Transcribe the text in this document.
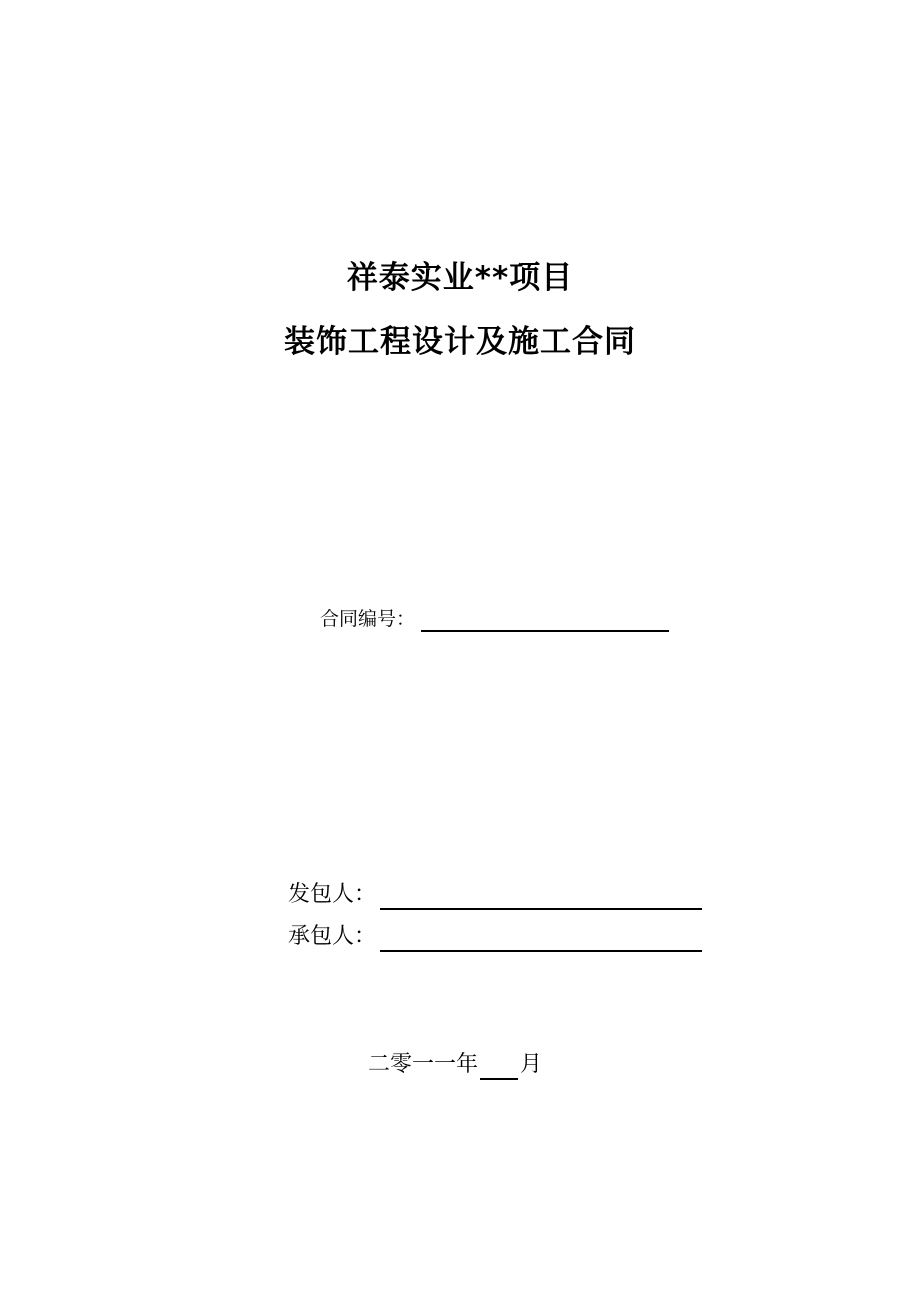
祥泰实业**项目
装饰工程设计及施工合同
合同编号：
发包人：
承包人：
二零一一年 月
